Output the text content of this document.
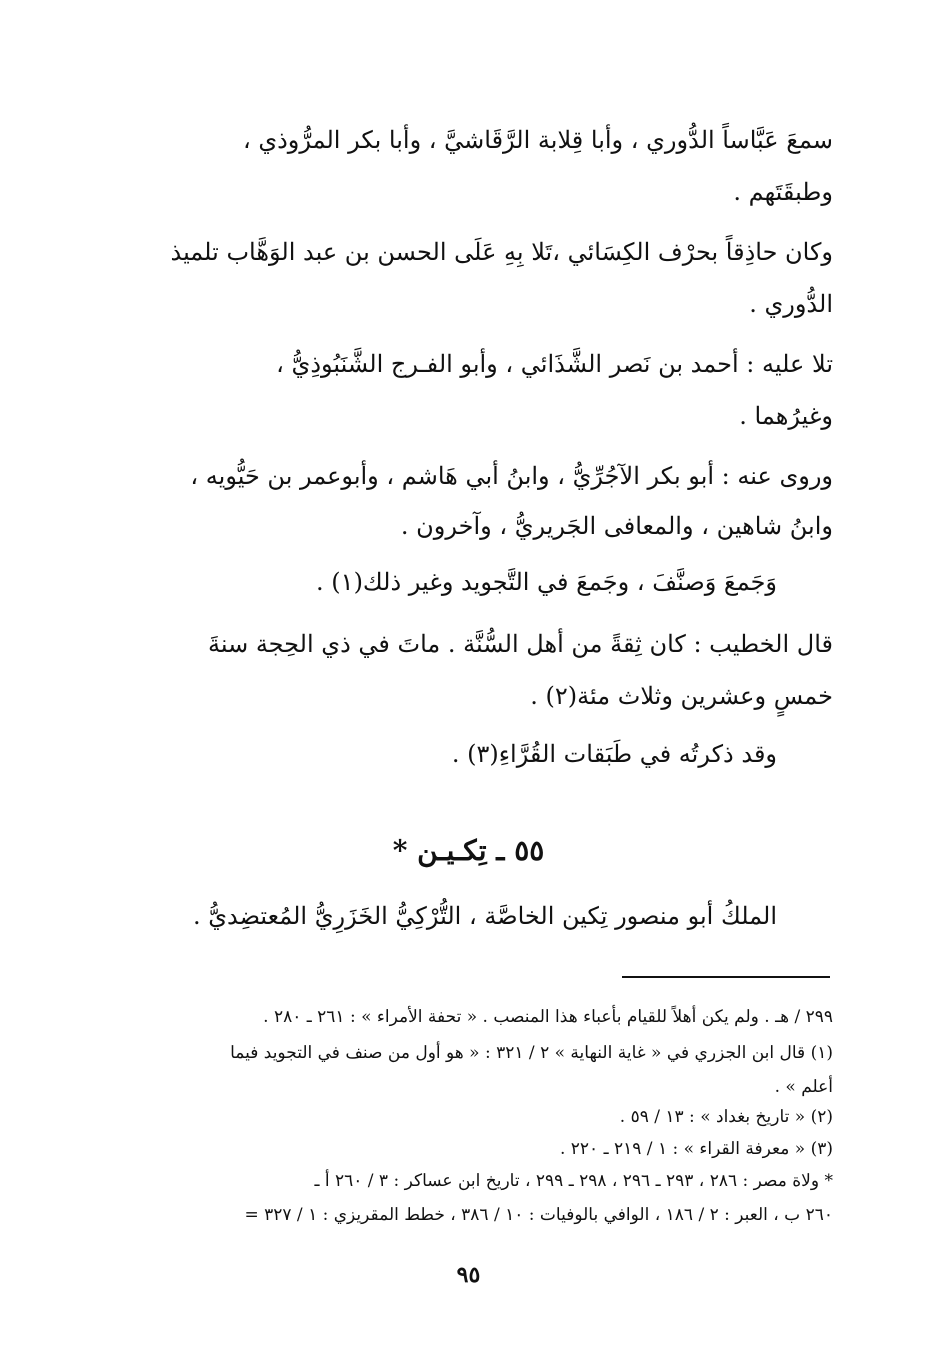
سمعَ عَبَّاساً الدُّوري ، وأبا قِلابة الرَّقَاشيَّ ، وأبا بكر المرُّوذي ،

وطبقَتَهم .

وكان حاذِقاً بحرْف الكِسَائي ،تَلا بِهِ عَلَى الحسن بن عبد الوَهَّاب تلميذ

الدُّوري .

تلا عليه : أحمد بن نَصر الشَّذَائي ، وأبو الفـرج الشَّنَبُوذِيُّ ،

وغيرُهما .

وروى عنه : أبو بكر الآجُرِّيُّ ، وابنُ أبي هَاشم ، وأبوعمر بن حَيُّويه ،

وابنُ شاهين ، والمعافى الجَريريُّ ، وآخرون .

وَجَمعَ وَصنَّفَ ، وجَمعَ في التَّجويد وغير ذلك(١) .

قال الخطيب : كان ثِقةً من أهل السُّنَّة . ماتَ في ذي الحِجة سنةَ

خمسٍ وعشرين وثلاث مئة(٢) .

وقد ذكرتُه في طَبَقات القُرَّاءِ(٣) .

٥٥ ـ تِكـيـن *

الملكُ أبو منصور تِكين الخاصَّة ، التُّرْكِيُّ الخَزَرِيُّ المُعتضِديُّ .

٢٩٩ / هـ . ولم يكن أهلاً للقيام بأعباء هذا المنصب . « تحفة الأمراء » : ٢٦١ ـ ٢٨٠ .

(١) قال ابن الجزري في « غاية النهاية » ٢ / ٣٢١ : « هو أول من صنف في التجويد فيما

أعلم » .

(٢) « تاريخ بغداد » : ١٣ / ٥٩ .

(٣) « معرفة القراء » : ١ / ٢١٩ ـ ٢٢٠ .

* ولاة مصر : ٢٨٦ ، ٢٩٣ ـ ٢٩٦ ، ٢٩٨ ـ ٢٩٩ ، تاريخ ابن عساكر : ٣ / ٢٦٠ أ ـ

٢٦٠ ب ، العبر : ٢ / ١٨٦ ، الوافي بالوفيات : ١٠ / ٣٨٦ ، خطط المقريزي : ١ / ٣٢٧ =

٩٥
